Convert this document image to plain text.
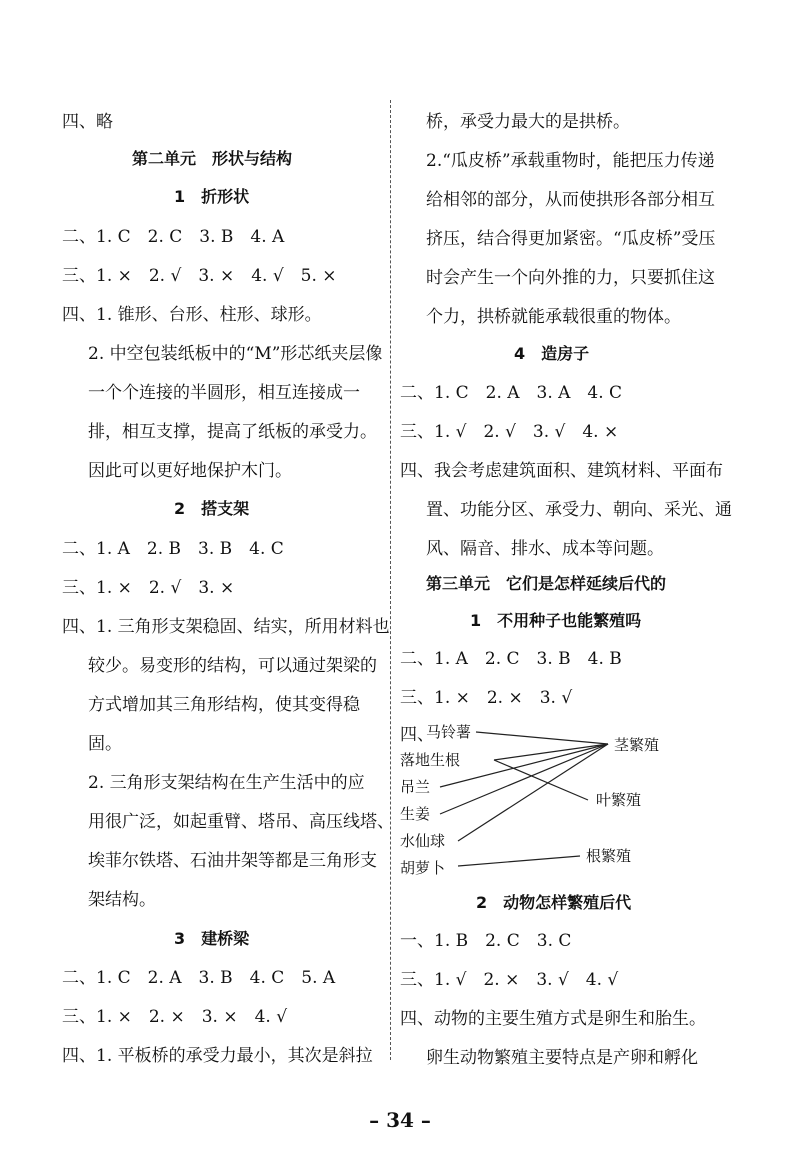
四、略
第二单元　形状与结构
1　折形状
二、1. C　2. C　3. B　4. A
三、1. ×　2. √　3. ×　4. √　5. ×
四、1. 锥形、台形、柱形、球形。
2. 中空包装纸板中的“M”形芯纸夹层像
一个个连接的半圆形，相互连接成一
排，相互支撑，提高了纸板的承受力。
因此可以更好地保护木门。
2　搭支架
二、1. A　2. B　3. B　4. C
三、1. ×　2. √　3. ×
四、1. 三角形支架稳固、结实，所用材料也
较少。易变形的结构，可以通过架梁的
方式增加其三角形结构，使其变得稳
固。
2. 三角形支架结构在生产生活中的应
用很广泛，如起重臂、塔吊、高压线塔、
埃菲尔铁塔、石油井架等都是三角形支
架结构。
3　建桥梁
二、1. C　2. A　3. B　4. C　5. A
三、1. ×　2. ×　3. ×　4. √
四、1. 平板桥的承受力最小，其次是斜拉
桥，承受力最大的是拱桥。
2.“瓜皮桥”承载重物时，能把压力传递
给相邻的部分，从而使拱形各部分相互
挤压，结合得更加紧密。“瓜皮桥”受压
时会产生一个向外推的力，只要抓住这
个力，拱桥就能承载很重的物体。
4　造房子
二、1. C　2. A　3. A　4. C
三、1. √　2. √　3. √　4. ×
四、我会考虑建筑面积、建筑材料、平面布
置、功能分区、承受力、朝向、采光、通
风、隔音、排水、成本等问题。
第三单元　它们是怎样延续后代的
1　不用种子也能繁殖吗
二、1. A　2. C　3. B　4. B
三、1. ×　2. ×　3. √
四、
马铃薯
落地生根
吊兰
生姜
水仙球
胡萝卜
茎繁殖
叶繁殖
根繁殖
2　动物怎样繁殖后代
一、1. B　2. C　3. C
三、1. √　2. ×　3. √　4. √
四、动物的主要生殖方式是卵生和胎生。
卵生动物繁殖主要特点是产卵和孵化
– 34 –
